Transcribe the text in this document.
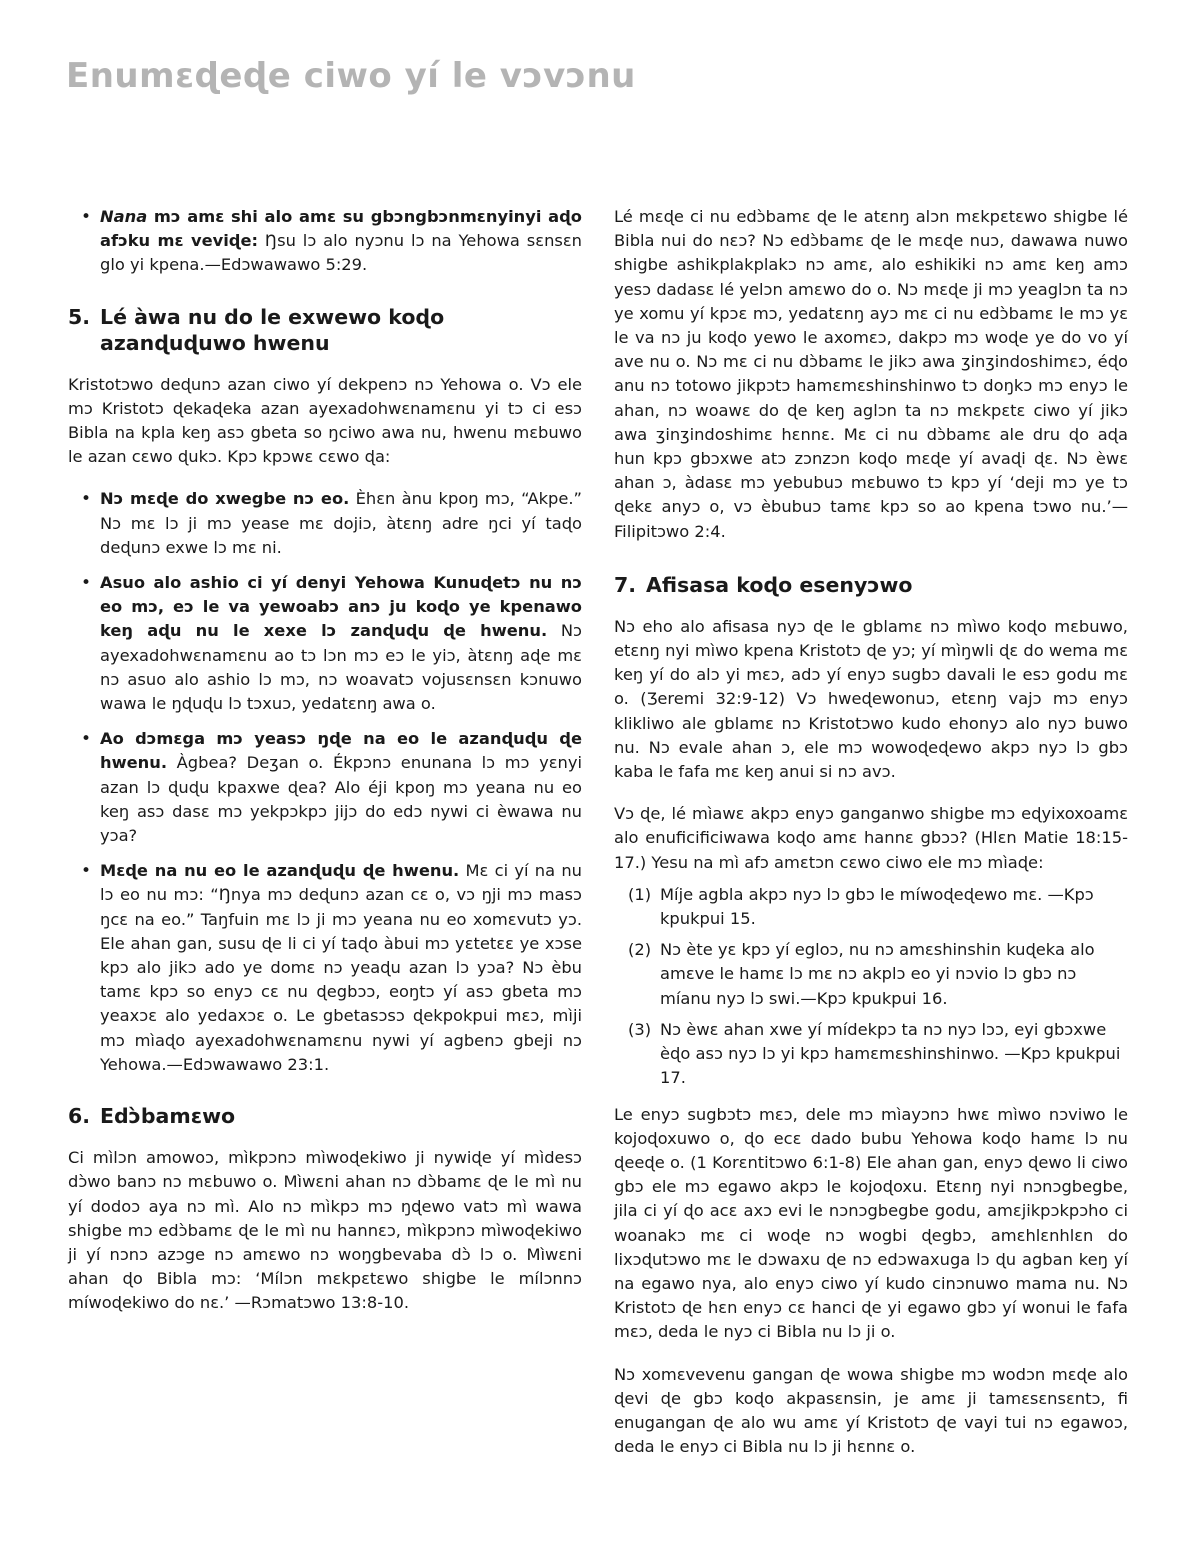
Enumɛɖeɖe ciwo yí le vɔvɔnu
• Nana mɔ amɛ shi alo amɛ su gbɔngbɔnmɛnyinyi aɖo afɔku mɛ veviɖe: Ŋsu lɔ alo nyɔnu lɔ na Yehowa sɛnsɛn glo yi kpena.—Edɔwawawo 5:29.
5. Lé àwa nu do le exwewo koɖo azanɖuɖuwo hwenu

Kristotɔwo deɖunɔ azan ciwo yí dekpenɔ nɔ Yehowa o. Vɔ ele mɔ Kristotɔ ɖekaɖeka azan ayexadohwɛnamɛnu yi tɔ ci esɔ Bibla na kpla keŋ asɔ gbeta so ŋciwo awa nu, hwenu mɛbuwo le azan cɛwo ɖukɔ. Kpɔ kpɔwɛ cɛwo ɖa:

• Nɔ mɛɖe do xwegbe nɔ eo. Èhɛn ànu kpoŋ mɔ, “Akpe.” Nɔ mɛ lɔ ji mɔ yease mɛ dojiɔ, àtɛnŋ adre ŋci yí taɖo deɖunɔ exwe lɔ mɛ ni.
• Asuo alo ashio ci yí denyi Yehowa Kunuɖetɔ nu nɔ eo mɔ, eɔ le va yewoabɔ anɔ ju koɖo ye kpenawo keŋ aɖu nu le xexe lɔ zanɖuɖu ɖe hwenu. Nɔ ayexadohwɛnamɛnu ao tɔ lɔn mɔ eɔ le yiɔ, àtɛnŋ aɖe mɛ nɔ asuo alo ashio lɔ mɔ, nɔ woavatɔ vojusɛnsɛn kɔnuwo wawa le ŋɖuɖu lɔ tɔxuɔ, yedatɛnŋ awa o.
• Ao dɔmɛga mɔ yeasɔ ŋɖe na eo le azanɖuɖu ɖe hwenu. Àgbea? Deʒan o. Ékpɔnɔ enunana lɔ mɔ yɛnyi azan lɔ ɖuɖu kpaxwe ɖea? Alo éji kpoŋ mɔ yeana nu eo keŋ asɔ dasɛ mɔ yekpɔkpɔ jijɔ do edɔ nywi ci èwawa nu yɔa?
• Mɛɖe na nu eo le azanɖuɖu ɖe hwenu. Mɛ ci yí na nu lɔ eo nu mɔ: “Ŋnya mɔ deɖunɔ azan cɛ o, vɔ ŋji mɔ masɔ ŋcɛ na eo.” Taŋfuin mɛ lɔ ji mɔ yeana nu eo xomɛvutɔ yɔ. Ele ahan gan, susu ɖe li ci yí taɖo àbui mɔ yɛtetɛɛ ye xɔse kpɔ alo jikɔ ado ye domɛ nɔ yeaɖu azan lɔ yɔa? Nɔ èbu tamɛ kpɔ so enyɔ cɛ nu ɖegbɔɔ, eoŋtɔ yí asɔ gbeta mɔ yeaxɔɛ alo yedaxɔɛ o. Le gbetasɔsɔ ɖekpokpui mɛɔ, mìji mɔ mìaɖo ayexadohwɛnamɛnu nywi yí agbenɔ gbeji nɔ Yehowa.—Edɔwawawo 23:1.
6. Edɔ̀bamɛwo

Ci mìlɔn amowoɔ, mìkpɔnɔ mìwoɖekiwo ji nywiɖe yí mìdesɔ dɔ̀wo banɔ nɔ mɛbuwo o. Mìwɛni ahan nɔ dɔ̀bamɛ ɖe le mì nu yí dodoɔ aya nɔ mì. Alo nɔ mìkpɔ mɔ ŋɖewo vatɔ mì wawa shigbe mɔ edɔ̀bamɛ ɖe le mì nu hannɛɔ, mìkpɔnɔ mìwoɖekiwo ji yí nɔnɔ azɔge nɔ amɛwo nɔ woŋgbevaba dɔ̀ lɔ o. Mìwɛni ahan ɖo Bibla mɔ: ‘Mílɔn mɛkpɛtɛwo shigbe le mílɔnnɔ míwoɖekiwo do nɛ.’ —Rɔmatɔwo 13:8-10.

Lé mɛɖe ci nu edɔ̀bamɛ ɖe le atɛnŋ alɔn mɛkpɛtɛwo shigbe lé Bibla nui do nɛɔ? Nɔ edɔ̀bamɛ ɖe le mɛɖe nuɔ, dawawa nuwo shigbe ashikplakplakɔ nɔ amɛ, alo eshikiki nɔ amɛ keŋ amɔ yesɔ dadasɛ lé yelɔn amɛwo do o. Nɔ mɛɖe ji mɔ yeaglɔn ta nɔ ye xomu yí kpɔɛ mɔ, yedatɛnŋ ayɔ mɛ ci nu edɔ̀bamɛ le mɔ yɛ le va nɔ ju koɖo yewo le axomɛɔ, dakpɔ mɔ woɖe ye do vo yí ave nu o. Nɔ mɛ ci nu dɔ̀bamɛ le jikɔ awa ʒinʒindoshimɛɔ, éɖo anu nɔ totowo jikpɔtɔ hamɛmɛshinshinwo tɔ doŋkɔ mɔ enyɔ le ahan, nɔ woawɛ do ɖe keŋ aglɔn ta nɔ mɛkpɛtɛ ciwo yí jikɔ awa ʒinʒindoshimɛ hɛnnɛ. Mɛ ci nu dɔ̀bamɛ ale dru ɖo aɖa hun kpɔ gbɔxwe atɔ zɔnzɔn koɖo mɛɖe yí avaɖi ɖɛ. Nɔ èwɛ ahan ɔ, àdasɛ mɔ yebubuɔ mɛbuwo tɔ kpɔ yí ‘deji mɔ ye tɔ ɖekɛ anyɔ o, vɔ èbubuɔ tamɛ kpɔ so ao kpena tɔwo nu.’—Filipitɔwo 2:4.

7. Afisasa koɖo esenyɔwo

Nɔ eho alo afisasa nyɔ ɖe le gblamɛ nɔ mìwo koɖo mɛbuwo, etɛnŋ nyi mìwo kpena Kristotɔ ɖe yɔ; yí mìŋwli ɖɛ do wema mɛ keŋ yí do alɔ yi mɛɔ, adɔ yí enyɔ sugbɔ davali le esɔ godu mɛ o. (Ʒeremi 32:9-12) Vɔ hweɖewonuɔ, etɛnŋ vajɔ mɔ enyɔ klikliwo ale gblamɛ nɔ Kristotɔwo kudo ehonyɔ alo nyɔ buwo nu. Nɔ evale ahan ɔ, ele mɔ wowoɖeɖewo akpɔ nyɔ lɔ gbɔ kaba le fafa mɛ keŋ anui si nɔ avɔ.

Vɔ ɖe, lé mìawɛ akpɔ enyɔ ganganwo shigbe mɔ eɖyixoxoamɛ alo enuficificiwawa koɖo amɛ hannɛ gbɔɔ? (Hlɛn Matie 18:15-17.) Yesu na mì afɔ amɛtɔn cɛwo ciwo ele mɔ mìaɖe:

(1) Míje agbla akpɔ nyɔ lɔ gbɔ le míwoɖeɖewo mɛ. —Kpɔ kpukpui 15.
(2) Nɔ ète yɛ kpɔ yí egloɔ, nu nɔ amɛshinshin kuɖeka alo amɛve le hamɛ lɔ mɛ nɔ akplɔ eo yi nɔvio lɔ gbɔ nɔ míanu nyɔ lɔ swi.—Kpɔ kpukpui 16.
(3) Nɔ èwɛ ahan xwe yí mídekpɔ ta nɔ nyɔ lɔɔ, eyi gbɔxwe èɖo asɔ nyɔ lɔ yi kpɔ hamɛmɛshinshinwo. —Kpɔ kpukpui 17.

Le enyɔ sugbɔtɔ mɛɔ, dele mɔ mìayɔnɔ hwɛ mìwo nɔviwo le kojoɖoxuwo o, ɖo ecɛ dado bubu Yehowa koɖo hamɛ lɔ nu ɖeeɖe o. (1 Korɛntitɔwo 6:1-8) Ele ahan gan, enyɔ ɖewo li ciwo gbɔ ele mɔ egawo akpɔ le kojoɖoxu. Etɛnŋ nyi nɔnɔgbegbe, jila ci yí ɖo acɛ axɔ evi le nɔnɔgbegbe godu, amɛjikpɔkpɔho ci woanakɔ mɛ ci woɖe nɔ wogbi ɖegbɔ, amɛhlɛnhlɛn do lixɔɖutɔwo mɛ le dɔwaxu ɖe nɔ edɔwaxuga lɔ ɖu agban keŋ yí na egawo nya, alo enyɔ ciwo yí kudo cinɔnuwo mama nu. Nɔ Kristotɔ ɖe hɛn enyɔ cɛ hanci ɖe yi egawo gbɔ yí wonui le fafa mɛɔ, deda le nyɔ ci Bibla nu lɔ ji o.

Nɔ xomɛvevenu gangan ɖe wowa shigbe mɔ wodɔn mɛɖe alo ɖevi ɖe gbɔ koɖo akpasɛnsin, je amɛ ji tamɛsɛnsɛntɔ, fi enugangan ɖe alo wu amɛ yí Kristotɔ ɖe vayi tui nɔ egawoɔ, deda le enyɔ ci Bibla nu lɔ ji hɛnnɛ o.
